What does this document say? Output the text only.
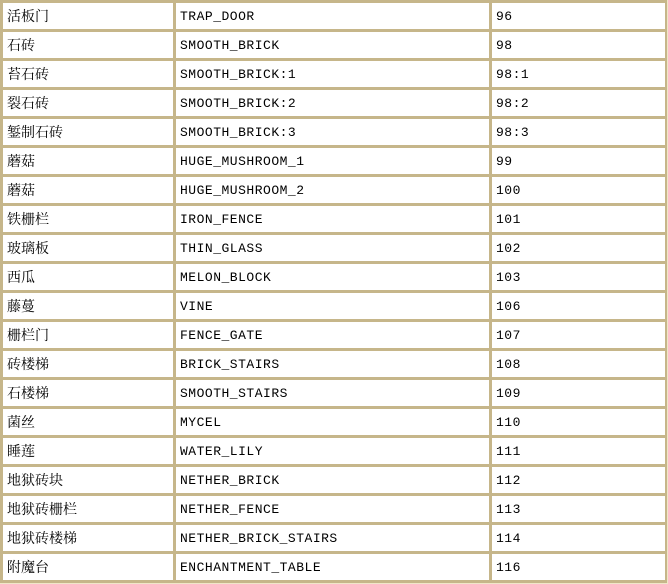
活板门	TRAP_DOOR	96
石砖	SMOOTH_BRICK	98
苔石砖	SMOOTH_BRICK:1	98:1
裂石砖	SMOOTH_BRICK:2	98:2
錾制石砖	SMOOTH_BRICK:3	98:3
蘑菇	HUGE_MUSHROOM_1	99
蘑菇	HUGE_MUSHROOM_2	100
铁栅栏	IRON_FENCE	101
玻璃板	THIN_GLASS	102
西瓜	MELON_BLOCK	103
藤蔓	VINE	106
栅栏门	FENCE_GATE	107
砖楼梯	BRICK_STAIRS	108
石楼梯	SMOOTH_STAIRS	109
菌丝	MYCEL	110
睡莲	WATER_LILY	111
地狱砖块	NETHER_BRICK	112
地狱砖栅栏	NETHER_FENCE	113
地狱砖楼梯	NETHER_BRICK_STAIRS	114
附魔台	ENCHANTMENT_TABLE	116
